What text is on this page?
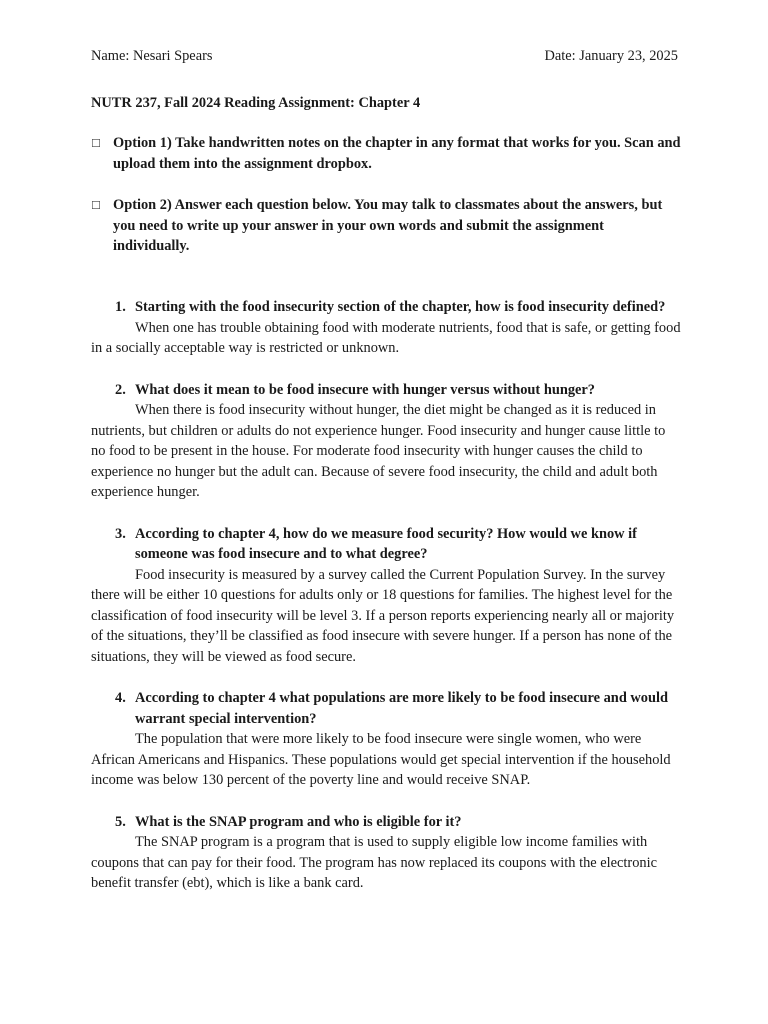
Name: Nesari Spears	Date: January 23, 2025
NUTR 237, Fall 2024 Reading Assignment: Chapter 4
☐ Option 1) Take handwritten notes on the chapter in any format that works for you. Scan and upload them into the assignment dropbox.
☐ Option 2) Answer each question below. You may talk to classmates about the answers, but you need to write up your answer in your own words and submit the assignment individually.
1. Starting with the food insecurity section of the chapter, how is food insecurity defined?

When one has trouble obtaining food with moderate nutrients, food that is safe, or getting food in a socially acceptable way is restricted or unknown.

2. What does it mean to be food insecure with hunger versus without hunger?

When there is food insecurity without hunger, the diet might be changed as it is reduced in nutrients, but children or adults do not experience hunger. Food insecurity and hunger cause little to no food to be present in the house. For moderate food insecurity with hunger causes the child to experience no hunger but the adult can. Because of severe food insecurity, the child and adult both experience hunger.

3. According to chapter 4, how do we measure food security? How would we know if someone was food insecure and to what degree?

Food insecurity is measured by a survey called the Current Population Survey. In the survey there will be either 10 questions for adults only or 18 questions for families. The highest level for the classification of food insecurity will be level 3. If a person reports experiencing nearly all or majority of the situations, they’ll be classified as food insecure with severe hunger. If a person has none of the situations, they will be viewed as food secure.

4. According to chapter 4 what populations are more likely to be food insecure and would warrant special intervention?

The population that were more likely to be food insecure were single women, who were African Americans and Hispanics. These populations would get special intervention if the household income was below 130 percent of the poverty line and would receive SNAP.

5. What is the SNAP program and who is eligible for it?

The SNAP program is a program that is used to supply eligible low income families with coupons that can pay for their food. The program has now replaced its coupons with the electronic benefit transfer (ebt), which is like a bank card.
